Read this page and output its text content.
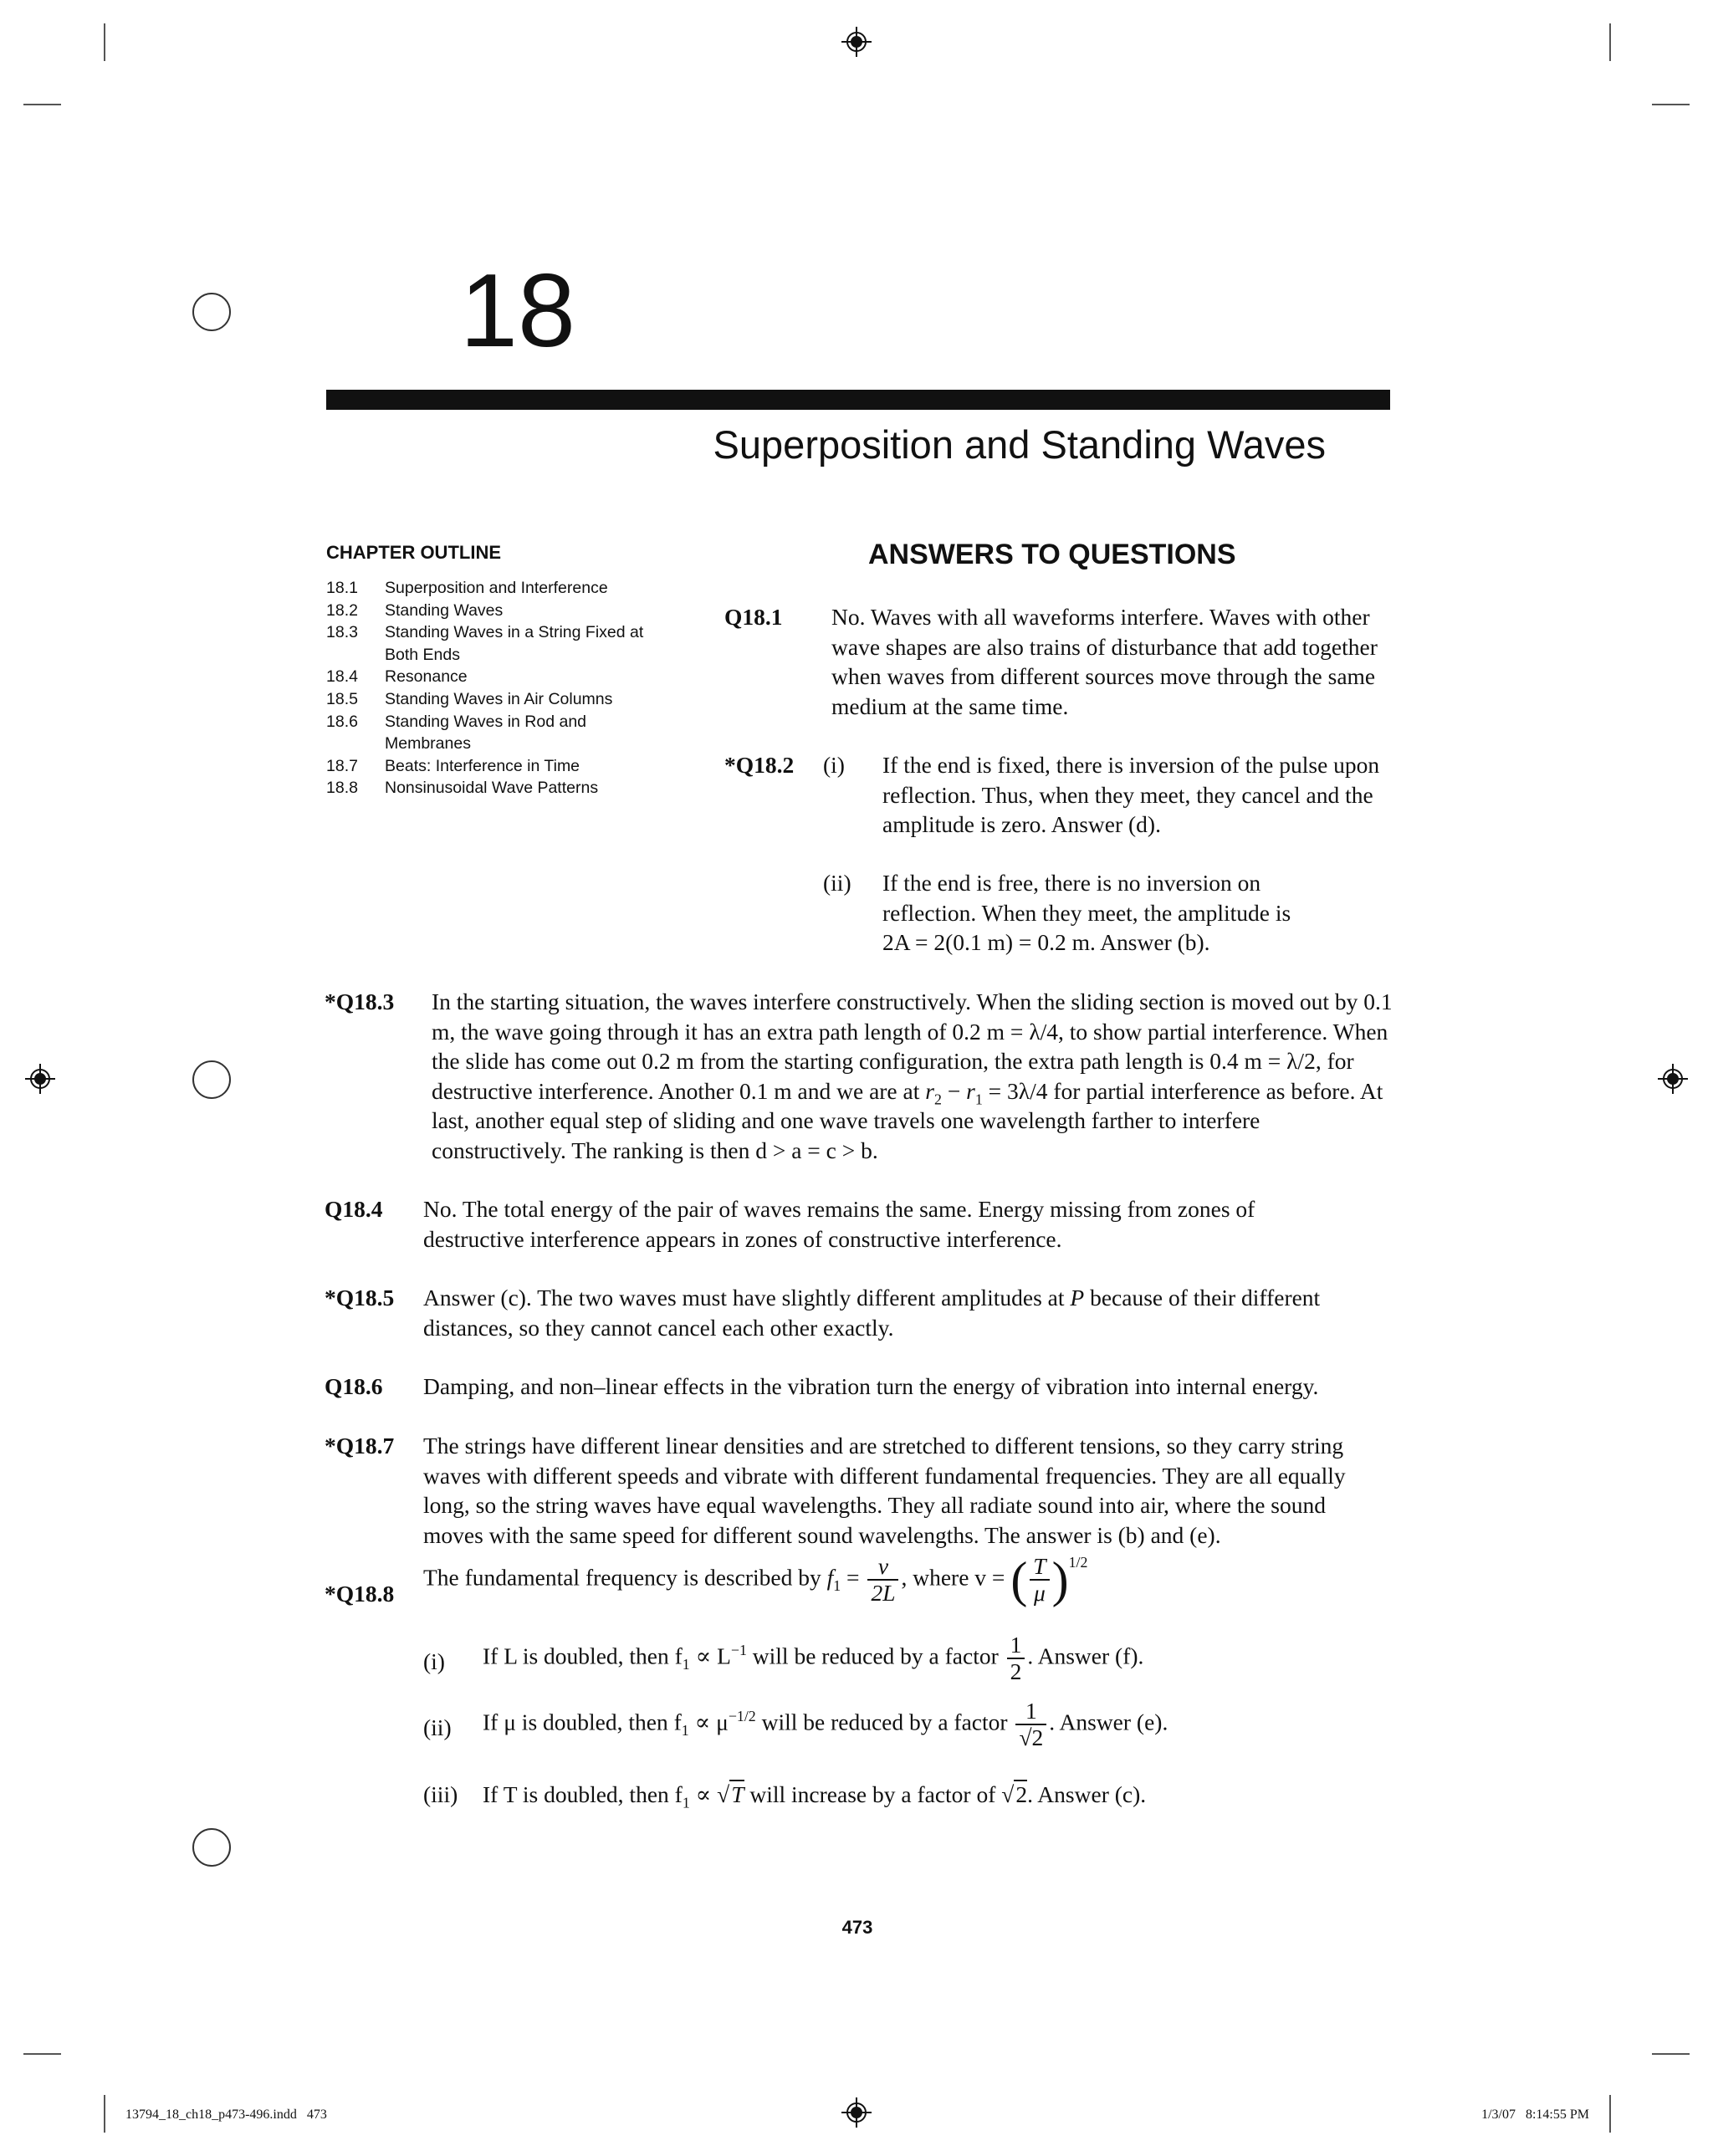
18
Superposition and Standing Waves
CHAPTER OUTLINE
18.1	Superposition and Interference
18.2	Standing Waves
18.3	Standing Waves in a String Fixed at Both Ends
18.4	Resonance
18.5	Standing Waves in Air Columns
18.6	Standing Waves in Rod and Membranes
18.7	Beats: Interference in Time
18.8	Nonsinusoidal Wave Patterns
ANSWERS TO QUESTIONS
Q18.1 No. Waves with all waveforms interfere. Waves with other wave shapes are also trains of disturbance that add together when waves from different sources move through the same medium at the same time.
*Q18.2 (i) If the end is fixed, there is inversion of the pulse upon reflection. Thus, when they meet, they cancel and the amplitude is zero. Answer (d).
(ii) If the end is free, there is no inversion on reflection. When they meet, the amplitude is
2A = 2(0.1 m) = 0.2 m. Answer (b).
*Q18.3 In the starting situation, the waves interfere constructively. When the sliding section is moved out by 0.1 m, the wave going through it has an extra path length of 0.2 m = λ/4, to show partial interference. When the slide has come out 0.2 m from the starting configuration, the extra path length is 0.4 m = λ/2, for destructive interference. Another 0.1 m and we are at $r_2 - r_1 = 3\lambda/4$ for partial interference as before. At last, another equal step of sliding and one wave travels one wavelength farther to interfere constructively. The ranking is then d > a = c > b.
Q18.4 No. The total energy of the pair of waves remains the same. Energy missing from zones of destructive interference appears in zones of constructive interference.
*Q18.5 Answer (c). The two waves must have slightly different amplitudes at P because of their different distances, so they cannot cancel each other exactly.
Q18.6 Damping, and non–linear effects in the vibration turn the energy of vibration into internal energy.
*Q18.7 The strings have different linear densities and are stretched to different tensions, so they carry string waves with different speeds and vibrate with different fundamental frequencies. They are all equally long, so the string waves have equal wavelengths. They all radiate sound into air, where the sound moves with the same speed for different sound wavelengths. The answer is (b) and (e).
*Q18.8
The fundamental frequency is described by $f_1 = \frac{v}{2L}$ , where v = ( $\frac{T}{\mu} )^{1/2}$
(i) If L is doubled, then $f_1 \propto L^{-1}$ will be reduced by a factor $\frac{1}{2}$ . Answer (f).
(ii) If μ is doubled, then $f_1 \propto \mu^{-1/2}$ will be reduced by a factor $\frac{1}{√2}$ . Answer (e).
(iii) If T is doubled, then $f_1 \propto √T$ will increase by a factor of √2. Answer (c).
473
13794_18_ch18_p473-496.indd   473	1/3/07   8:14:55 PM
